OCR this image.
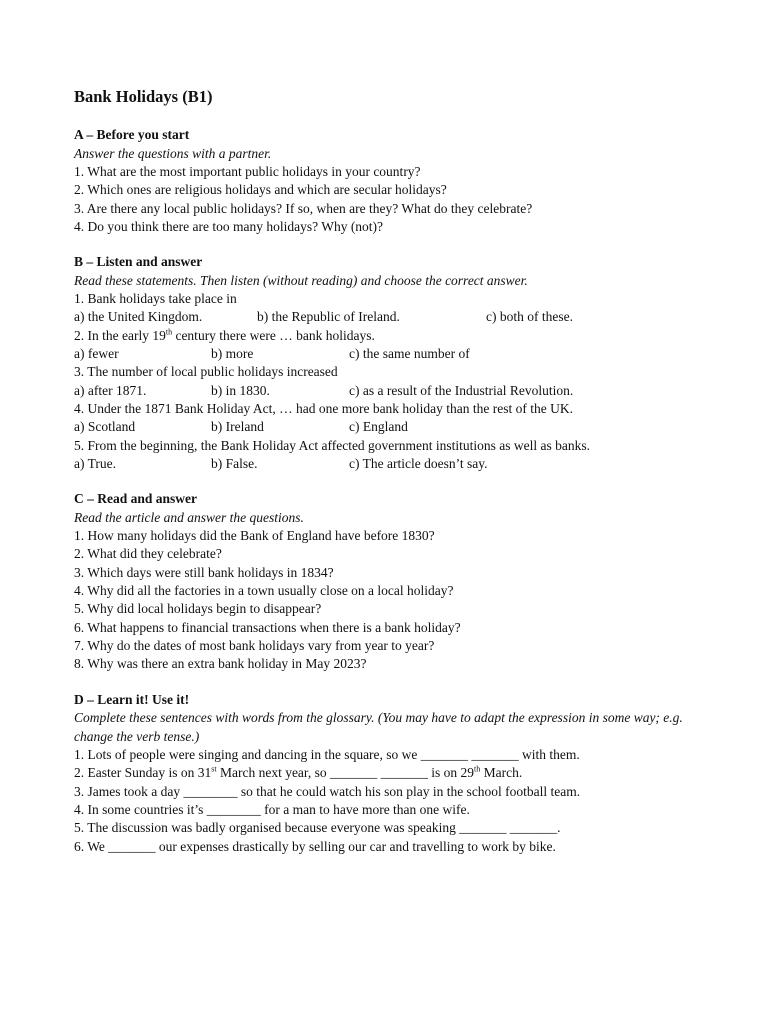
Bank Holidays (B1)
A – Before you start
Answer the questions with a partner.
1. What are the most important public holidays in your country?
2. Which ones are religious holidays and which are secular holidays?
3. Are there any local public holidays? If so, when are they? What do they celebrate?
4. Do you think there are too many holidays? Why (not)?
B – Listen and answer
Read these statements. Then listen (without reading) and choose the correct answer.
1. Bank holidays take place in
a) the United Kingdom.	b) the Republic of Ireland.	c) both of these.
2. In the early 19th century there were … bank holidays.
a) fewer	b) more	c) the same number of
3. The number of local public holidays increased
a) after 1871.	b) in 1830.	c) as a result of the Industrial Revolution.
4. Under the 1871 Bank Holiday Act, … had one more bank holiday than the rest of the UK.
a) Scotland	b) Ireland	c) England
5. From the beginning, the Bank Holiday Act affected government institutions as well as banks.
a) True.	b) False.	c) The article doesn’t say.
C – Read and answer
Read the article and answer the questions.
1. How many holidays did the Bank of England have before 1830?
2. What did they celebrate?
3. Which days were still bank holidays in 1834?
4. Why did all the factories in a town usually close on a local holiday?
5. Why did local holidays begin to disappear?
6. What happens to financial transactions when there is a bank holiday?
7. Why do the dates of most bank holidays vary from year to year?
8. Why was there an extra bank holiday in May 2023?
D – Learn it! Use it!
Complete these sentences with words from the glossary. (You may have to adapt the expression in some way; e.g. change the verb tense.)
1. Lots of people were singing and dancing in the square, so we _______ _______ with them.
2. Easter Sunday is on 31st March next year, so _______ _______ is on 29th March.
3. James took a day ________ so that he could watch his son play in the school football team.
4. In some countries it’s ________ for a man to have more than one wife.
5. The discussion was badly organised because everyone was speaking _______ _______.
6. We _______ our expenses drastically by selling our car and travelling to work by bike.
